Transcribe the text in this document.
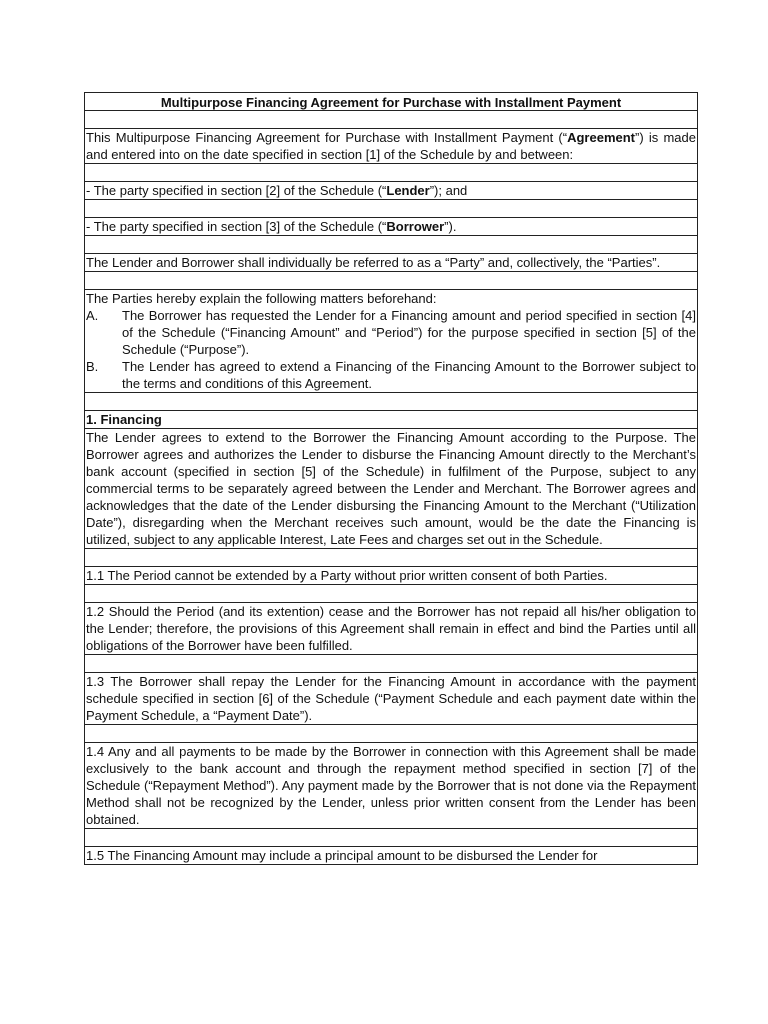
Multipurpose Financing Agreement for Purchase with Installment Payment
This Multipurpose Financing Agreement for Purchase with Installment Payment (“Agreement”) is made and entered into on the date specified in section [1] of the Schedule by and between:
- The party specified in section [2] of the Schedule (“Lender”); and
- The party specified in section [3] of the Schedule (“Borrower”).
The Lender and Borrower shall individually be referred to as a “Party” and, collectively, the “Parties”.
The Parties hereby explain the following matters beforehand:
A.	The Borrower has requested the Lender for a Financing amount and period specified in section [4] of the Schedule (“Financing Amount” and “Period”) for the purpose specified in section [5] of the Schedule (“Purpose”).
B.	The Lender has agreed to extend a Financing of the Financing Amount to the Borrower subject to the terms and conditions of this Agreement.
1. Financing
The Lender agrees to extend to the Borrower the Financing Amount according to the Purpose. The Borrower agrees and authorizes the Lender to disburse the Financing Amount directly to the Merchant’s bank account (specified in section [5] of the Schedule) in fulfilment of the Purpose, subject to any commercial terms to be separately agreed between the Lender and Merchant. The Borrower agrees and acknowledges that the date of the Lender disbursing the Financing Amount to the Merchant (“Utilization Date”), disregarding when the Merchant receives such amount, would be the date the Financing is utilized, subject to any applicable Interest, Late Fees and charges set out in the Schedule.
1.1 The Period cannot be extended by a Party without prior written consent of both Parties.
1.2 Should the Period (and its extention) cease and the Borrower has not repaid all his/her obligation to the Lender; therefore, the provisions of this Agreement shall remain in effect and bind the Parties until all obligations of the Borrower have been fulfilled.
1.3 The Borrower shall repay the Lender for the Financing Amount in accordance with the payment schedule specified in section [6] of the Schedule (“Payment Schedule and each payment date within the Payment Schedule, a “Payment Date”).
1.4 Any and all payments to be made by the Borrower in connection with this Agreement shall be made exclusively to the bank account and through the repayment method specified in section [7] of the Schedule (“Repayment Method”). Any payment made by the Borrower that is not done via the Repayment Method shall not be recognized by the Lender, unless prior written consent from the Lender has been obtained.
1.5 The Financing Amount may include a principal amount to be disbursed the Lender for
